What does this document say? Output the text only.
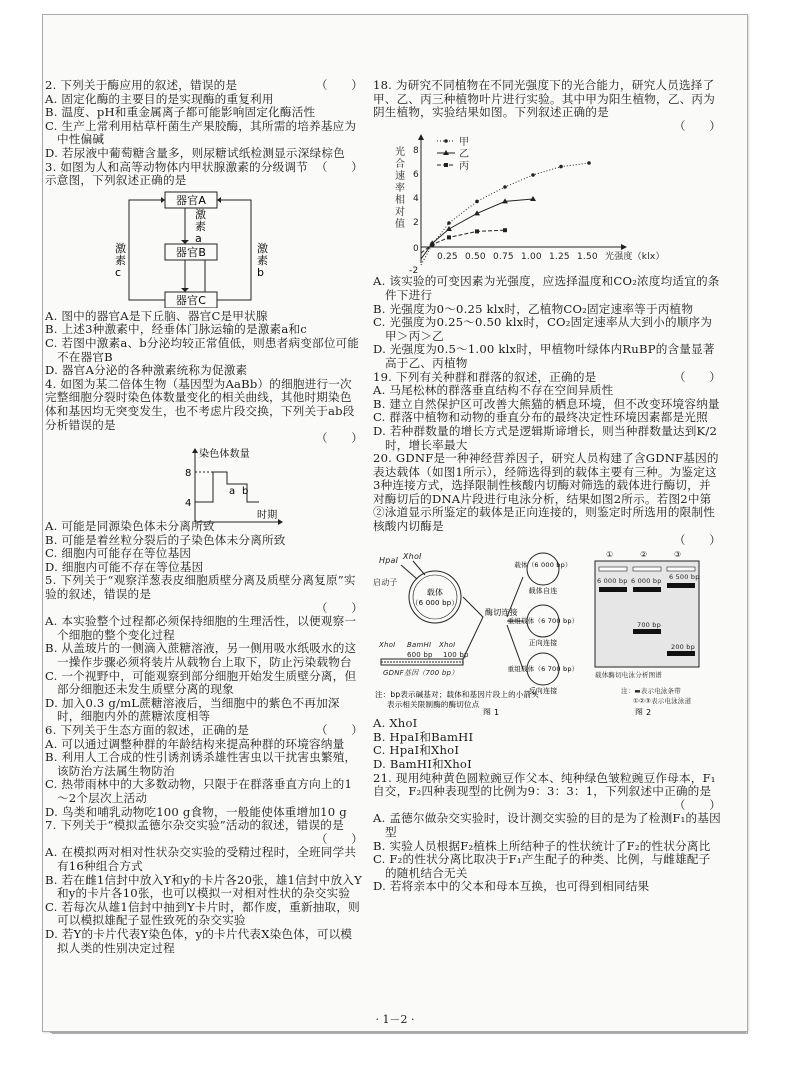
（　　）
2. 下列关于酶应用的叙述，错误的是
A. 固定化酶的主要目的是实现酶的重复利用
B. 温度、pH和重金属离子都可能影响固定化酶活性
C. 生产上常利用枯草杆菌生产果胶酶，其所需的培养基应为中性偏碱
D. 若尿液中葡萄糖含量多，则尿糖试纸检测显示深绿棕色
（　　）
3. 如图为人和高等动物体内甲状腺激素的分级调节示意图，下列叙述正确的是
器官A
器官B
器官C
激
素
a
激
素
b
激
素
c
A. 图中的器官A是下丘脑、器官C是甲状腺
B. 上述3种激素中，经垂体门脉运输的是激素a和c
C. 若图中激素a、b分泌均较正常值低，则患者病变部位可能不在器官B
D. 器官A分泌的各种激素统称为促激素
4. 如图为某二倍体生物（基因型为AaBb）的细胞进行一次完整细胞分裂时染色体数量变化的相关曲线，其他时期染色体和基因均无突变发生，也不考虑片段交换，下列关于ab段分析错误的是
（　　）
染色体数量
8
4
a b
时期
A. 可能是同源染色体未分离所致
B. 可能是着丝粒分裂后的子染色体未分离所致
C. 细胞内可能存在等位基因
D. 细胞内可能不存在等位基因
5. 下列关于“观察洋葱表皮细胞质壁分离及质壁分离复原”实验的叙述，错误的是
（　　）
A. 本实验整个过程都必须保持细胞的生理活性，以便观察一个细胞的整个变化过程
B. 从盖玻片的一侧滴入蔗糖溶液，另一侧用吸水纸吸水的这一操作步骤必须将装片从载物台上取下，防止污染载物台
C. 一个视野中，可能观察到部分细胞开始发生质壁分离，但部分细胞还未发生质壁分离的现象
D. 加入0.3 g/mL蔗糖溶液后，当细胞中的紫色不再加深时，细胞内外的蔗糖浓度相等
（　　）
6. 下列关于生态方面的叙述，正确的是
A. 可以通过调整种群的年龄结构来提高种群的环境容纳量
B. 利用人工合成的性引诱剂诱杀雄性害虫以干扰害虫繁殖，该防治方法属生物防治
C. 热带雨林中的大多数动物，只限于在群落垂直方向上的1～2个层次上活动
D. 鸟类和哺乳动物吃100 g食物，一般能使体重增加10 g
7. 下列关于“模拟孟德尔杂交实验”活动的叙述，错误的是
（　　）
A. 在模拟两对相对性状杂交实验的受精过程时，全班同学共有16种组合方式
B. 若在雌1信封中放入Y和y的卡片各20张，雄1信封中放入Y和y的卡片各10张，也可以模拟一对相对性状的杂交实验
C. 若每次从雄1信封中抽到Y卡片时，都作废，重新抽取，则可以模拟雄配子显性致死的杂交实验
D. 若Y的卡片代表Y染色体，y的卡片代表X染色体，可以模拟人类的性别决定过程
18. 为研究不同植物在不同光强度下的光合能力，研究人员选择了甲、乙、丙三种植物叶片进行实验。其中甲为阳生植物，乙、丙为阴生植物，实验结果如图。下列叙述正确的是
（　　）
光
合
速
率
相
对
值
8
6
4
2
0
-2
0.25 0.50 0.75 1.00 1.25 1.50 光强度（klx）
甲
乙
丙
A. 该实验的可变因素为光强度，应选择温度和CO₂浓度均适宜的条件下进行
B. 光强度为0～0.25 klx时，乙植物CO₂固定速率等于丙植物
C. 光强度为0.25～0.50 klx时，CO₂固定速率从大到小的顺序为甲＞丙＞乙
D. 光强度为0.5～1.00 klx时，甲植物叶绿体内RuBP的含量显著高于乙、丙植物
（　　）
19. 下列有关种群和群落的叙述，正确的是
A. 马尾松林的群落垂直结构不存在空间异质性
B. 建立自然保护区可改善大熊猫的栖息环境，但不改变环境容纳量
C. 群落中植物和动物的垂直分布的最终决定性环境因素都是光照
D. 若种群数量的增长方式是逻辑斯谛增长，则当种群数量达到K/2时，增长率最大
20. GDNF是一种神经营养因子，研究人员构建了含GDNF基因的表达载体（如图1所示），经筛选得到的载体主要有三种。为鉴定这3种连接方式，选择限制性核酸内切酶对筛选的载体进行酶切，并对酶切后的DNA片段进行电泳分析，结果如图2所示。若图2中第②泳道显示所鉴定的载体是正向连接的，则鉴定时所选用的限制性核酸内切酶是
（　　）
HpaⅠ XhoⅠ
启动子
载体
（6 000 bp）
XhoⅠ BamHⅠ XhoⅠ
600 bp 100 bp
GDNF基因（700 bp）
酶切连接
载体（6 000 bp）
载体自连
重组载体（6 700 bp）
正向连接
重组载体（6 700 bp）
反向连接
注：bp表示碱基对；载体和基因片段上的小箭头
表示相关限制酶的酶切位点
图 1
①	②	③
6 000 bp 6 000 bp 6 500 bp
700 bp
200 bp
载体酶切电泳分析图谱
注：▬表示电泳条带
①②③表示电泳泳道
图 2
A. XhoⅠ
B. HpaⅠ和BamHⅠ
C. HpaⅠ和XhoⅠ
D. BamHⅠ和XhoⅠ
21. 现用纯种黄色圆粒豌豆作父本、纯种绿色皱粒豌豆作母本，F₁自交，F₂四种表现型的比例为9：3：3：1，下列叙述中正确的是
（　　）
A. 孟德尔做杂交实验时，设计测交实验的目的是为了检测F₁的基因型
B. 实验人员根据F₂植株上所结种子的性状统计了F₂的性状分离比
C. F₂的性状分离比取决于F₁产生配子的种类、比例，与雌雄配子的随机结合无关
D. 若将亲本中的父本和母本互换，也可得到相同结果
· 1－2 ·
